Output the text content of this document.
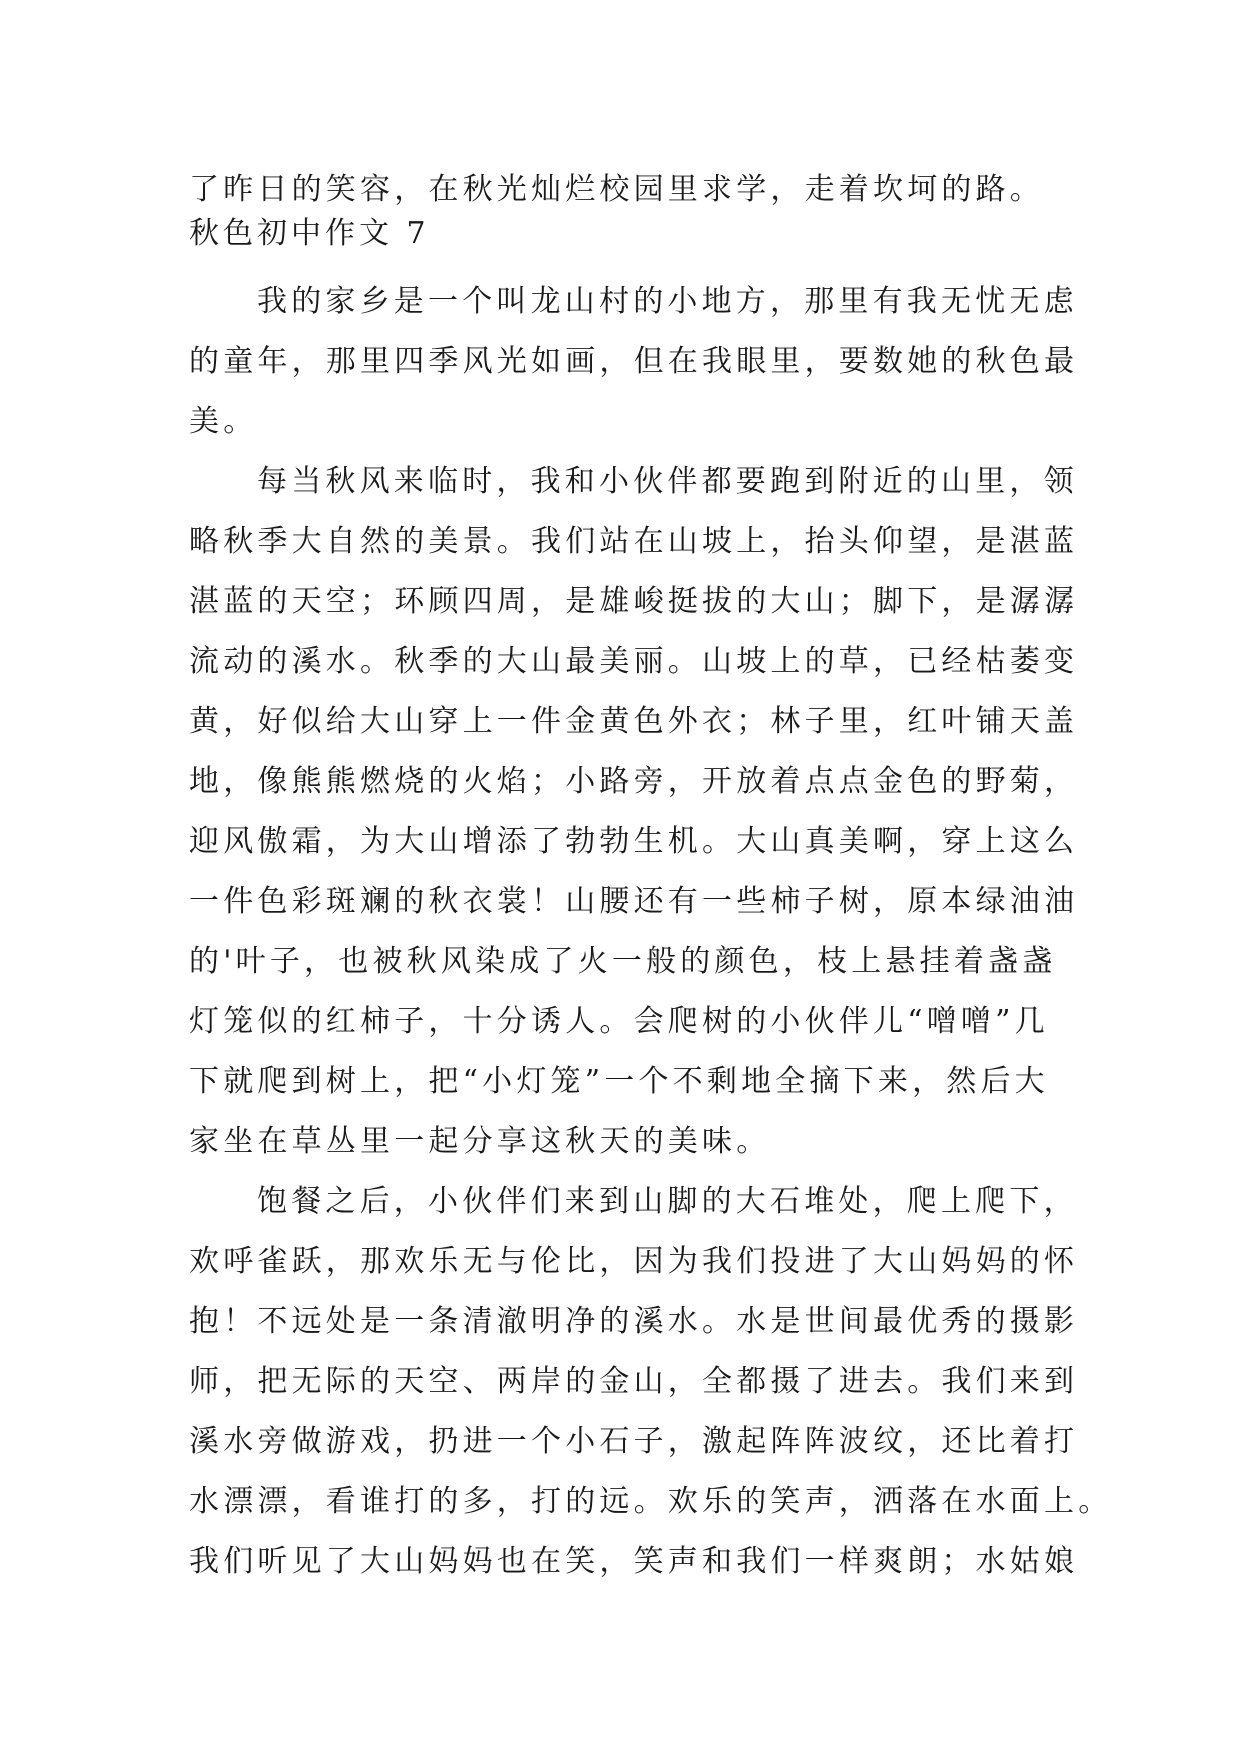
了昨日的笑容，在秋光灿烂校园里求学，走着坎坷的路。
秋色初中作文 7
我的家乡是一个叫龙山村的小地方，那里有我无忧无虑
的童年，那里四季风光如画，但在我眼里，要数她的秋色最
美。
每当秋风来临时，我和小伙伴都要跑到附近的山里，领
略秋季大自然的美景。我们站在山坡上，抬头仰望，是湛蓝
湛蓝的天空；环顾四周，是雄峻挺拔的大山；脚下，是潺潺
流动的溪水。秋季的大山最美丽。山坡上的草，已经枯萎变
黄，好似给大山穿上一件金黄色外衣；林子里，红叶铺天盖
地，像熊熊燃烧的火焰；小路旁，开放着点点金色的野菊，
迎风傲霜，为大山增添了勃勃生机。大山真美啊，穿上这么
一件色彩斑斓的秋衣裳！山腰还有一些柿子树，原本绿油油
的'叶子，也被秋风染成了火一般的颜色，枝上悬挂着盏盏
灯笼似的红柿子，十分诱人。会爬树的小伙伴儿“噌噌”几
下就爬到树上，把“小灯笼”一个不剩地全摘下来，然后大
家坐在草丛里一起分享这秋天的美味。
饱餐之后，小伙伴们来到山脚的大石堆处，爬上爬下，
欢呼雀跃，那欢乐无与伦比，因为我们投进了大山妈妈的怀
抱！不远处是一条清澈明净的溪水。水是世间最优秀的摄影
师，把无际的天空、两岸的金山，全都摄了进去。我们来到
溪水旁做游戏，扔进一个小石子，激起阵阵波纹，还比着打
水漂漂，看谁打的多，打的远。欢乐的笑声，洒落在水面上。
我们听见了大山妈妈也在笑，笑声和我们一样爽朗；水姑娘
